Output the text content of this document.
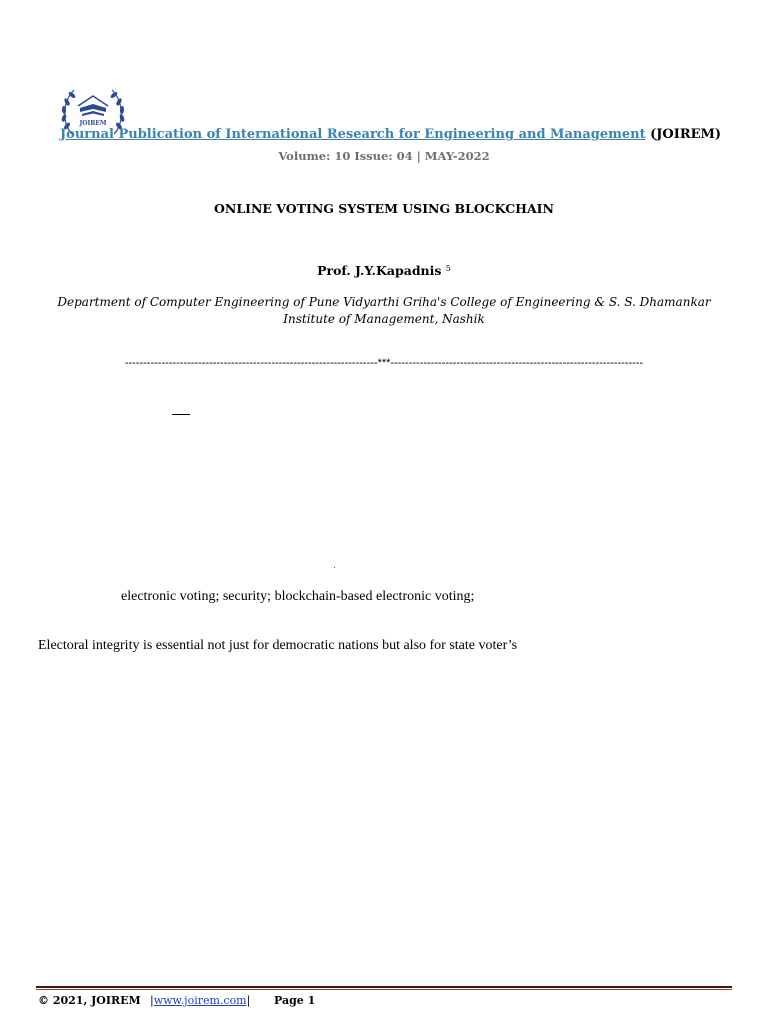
JOIREM
Journal Publication of International Research for Engineering and Management (JOIREM)
Volume: 10 Issue: 04 | MAY-2022
ONLINE VOTING SYSTEM USING BLOCKCHAIN
Prof. J.Y.Kapadnis $^5$
Department of Computer Engineering of Pune Vidyarthi Griha's College of Engineering & S. S. Dhamankar Institute of Management, Nashik
---------------------------------------------------------------------***---------------------------------------------------------------------
electronic voting; security; blockchain-based electronic voting;
Electoral integrity is essential not just for democratic nations but also for state voter’s
© 2021, JOIREM |www.joirem.com|	Page 1
